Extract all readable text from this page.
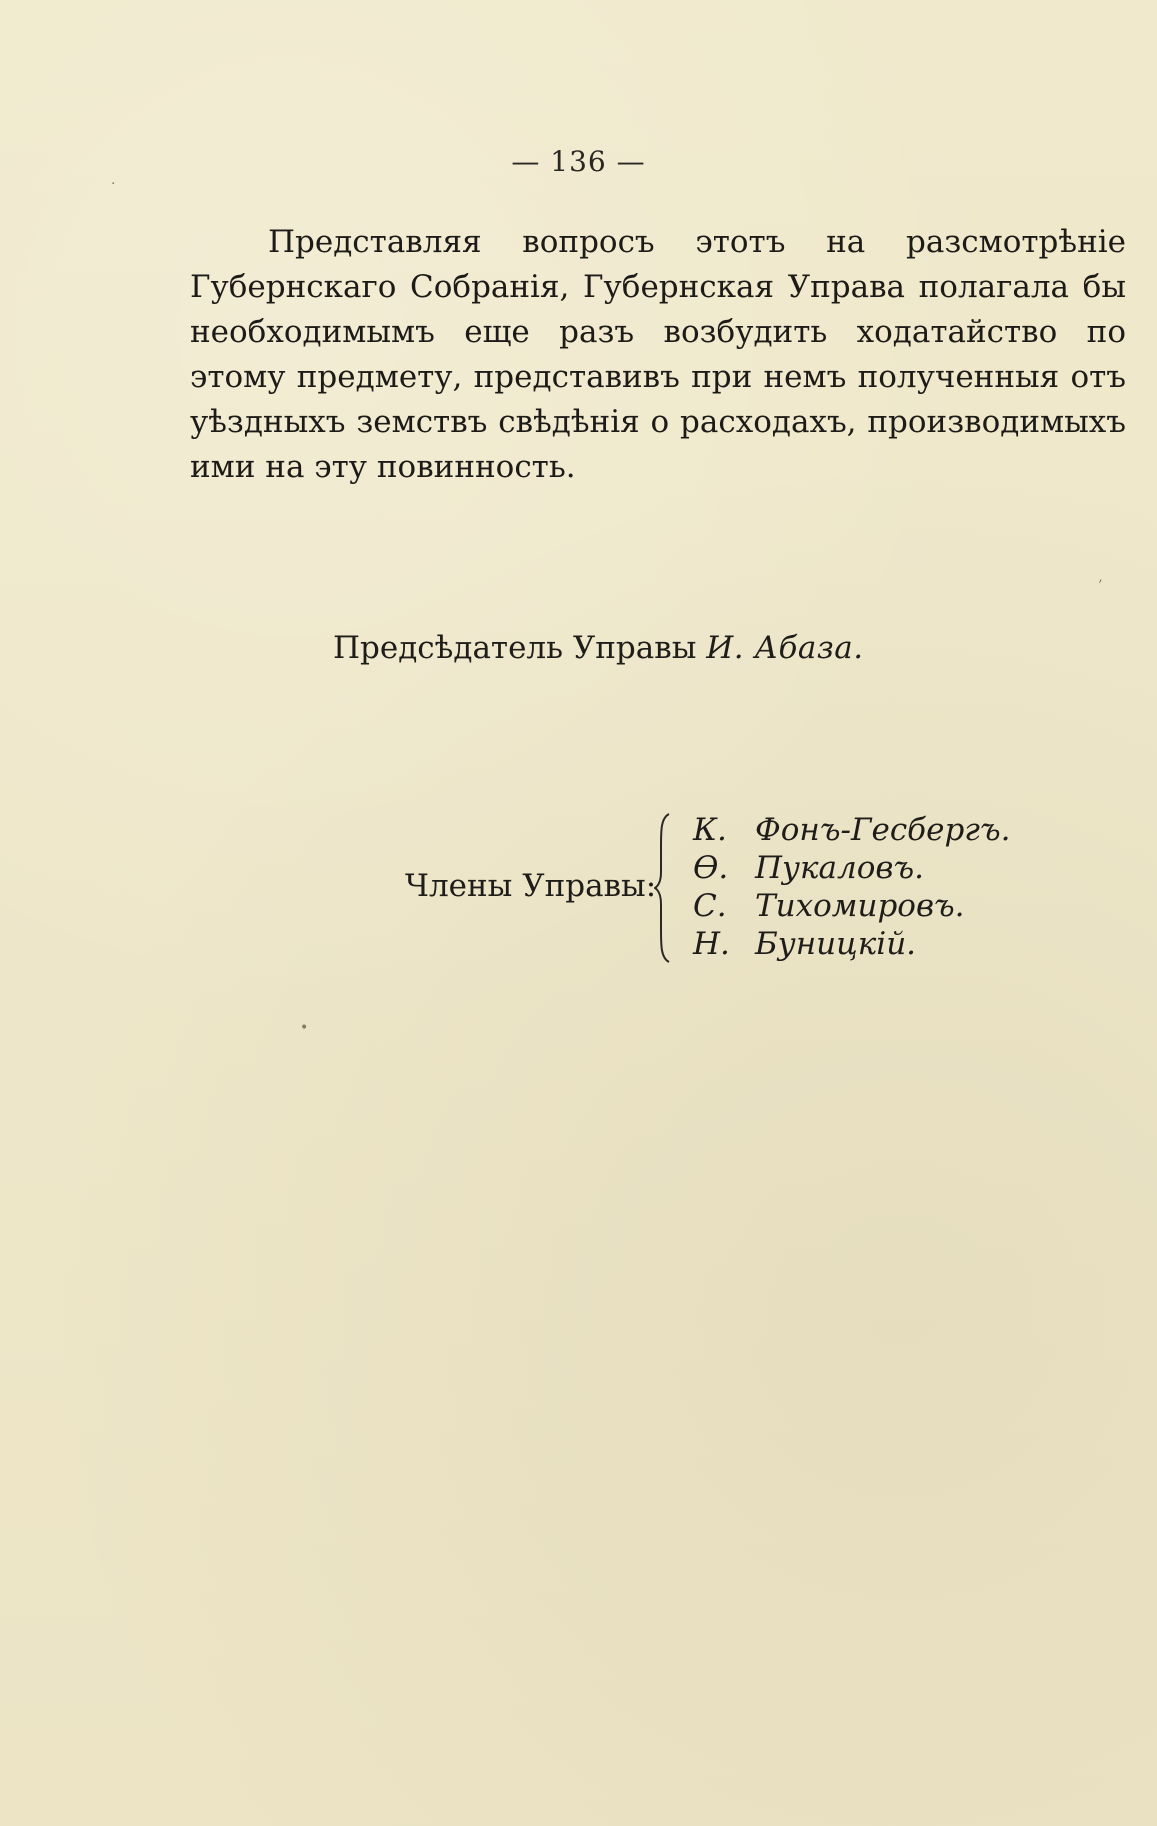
— 136 —
Представляя вопросъ этотъ на разсмотрѣніе Губернскаго Собранія, Губернская Управа полагала бы необходимымъ еще разъ возбудить ходатайство по этому предмету, представивъ при немъ полученныя отъ уѣздныхъ земствъ свѣдѣнія о расходахъ, производимыхъ ими на эту повинность.
Предсѣдатель Управы И. Абаза.
Члены Управы:
К. Фонъ-Гесбергъ.
Ѳ. Пукаловъ.
С. Тихомировъ.
Н. Буницкій.
·
’
•
